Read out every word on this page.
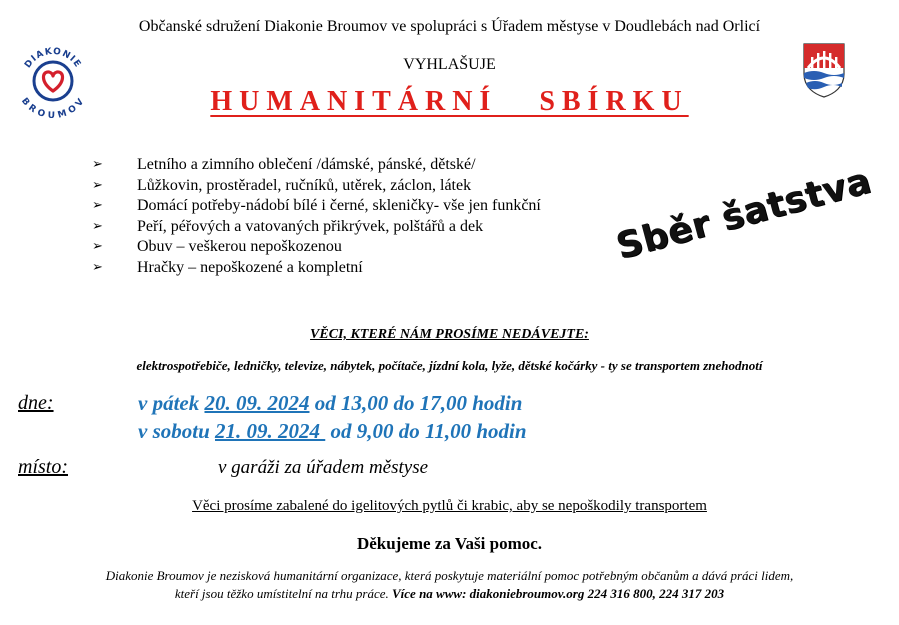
Občanské sdružení Diakonie Broumov ve spolupráci s Úřadem městyse v Doudlebách nad Orlicí
DIAKONIE
BROUMOV
VYHLAŠUJE
HUMANITÁRNÍ   SBÍRKU
➢ Letního a zimního oblečení /dámské, pánské, dětské/
➢ Lůžkovin, prostěradel, ručníků, utěrek, záclon, látek
➢ Domácí potřeby-nádobí bílé i černé, skleničky- vše jen funkční
➢ Peří, péřových a vatovaných přikrývek, polštářů a dek
➢ Obuv – veškerou nepoškozenou
➢ Hračky – nepoškozené a kompletní	Sběr šatstva
VĚCI, KTERÉ NÁM PROSÍME NEDÁVEJTE:
elektrospotřebiče, ledničky, televize, nábytek, počítače, jízdní kola, lyže, dětské kočárky - ty se transportem znehodnotí
dne:	v pátek 20. 09. 2024 od 13,00 do 17,00 hodin
v sobotu 21. 09. 2024  od 9,00 do 11,00 hodin
místo:	v garáži za úřadem městyse
Věci prosíme zabalené do igelitových pytlů či krabic, aby se nepoškodily transportem
Děkujeme za Vaši pomoc.
Diakonie Broumov je nezisková humanitární organizace, která poskytuje materiální pomoc potřebným občanům a dává práci lidem,
kteří jsou těžko umístitelní na trhu práce. Více na www: diakoniebroumov.org 224 316 800, 224 317 203
